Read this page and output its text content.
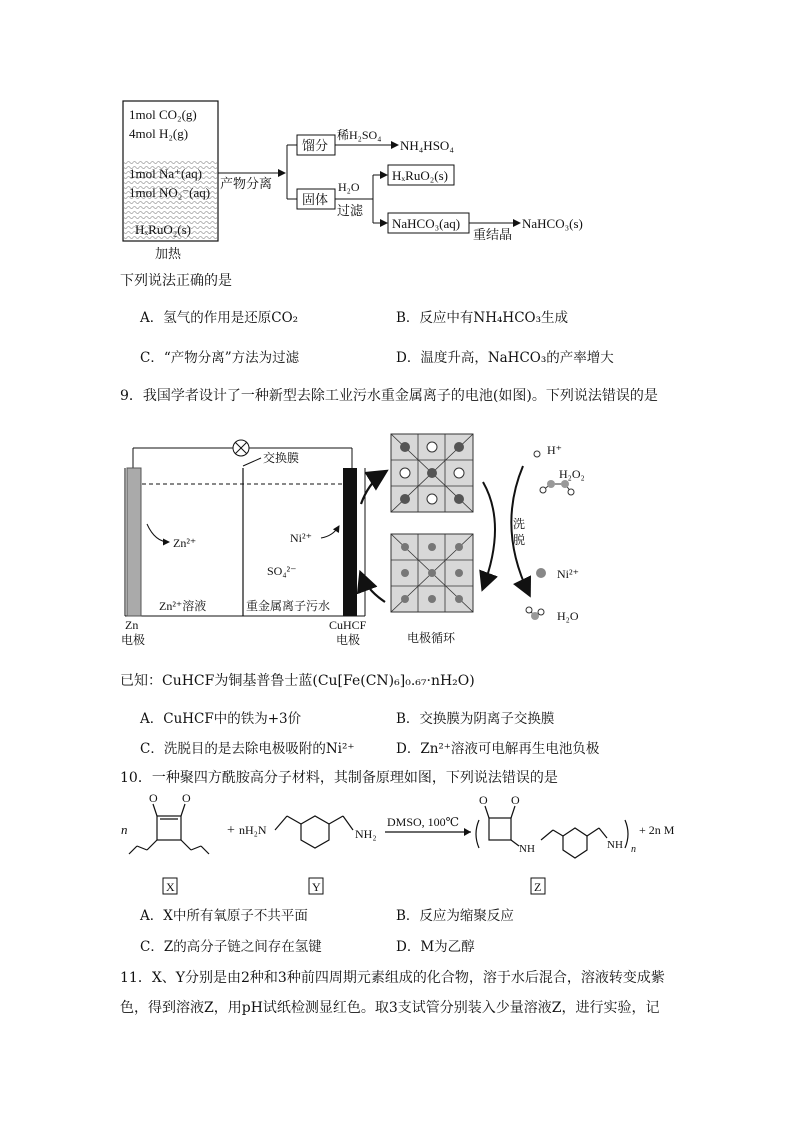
1mol CO₂(g)
4mol H₂(g)
1mol Na⁺(aq)
1mol NO₂⁻(aq)
HₓRuO₂(s)
加热
产物分离
馏分
稀H₂SO₄
NH₄HSO₄
固体
H₂O
过滤
HₓRuO₂(s)
NaHCO₃(aq)
重结晶
NaHCO₃(s)
下列说法正确的是
A．氢气的作用是还原CO₂	B．反应中有NH₄HCO₃生成
C．“产物分离”方法为过滤	D．温度升高，NaHCO₃的产率增大
9．我国学者设计了一种新型去除工业污水重金属离子的电池(如图)。下列说法错误的是
交换膜
Zn²⁺	Ni²⁺
SO₄²⁻
Zn²⁺溶液	重金属离子污水
Zn
电极
CuHCF
电极	电极循环
洗
脱
H⁺
H₂O₂
Ni²⁺
H₂O
已知：CuHCF为铜基普鲁士蓝(Cu[Fe(CN)₆]₀.₆₇·nH₂O)
A．CuHCF中的铁为+3价	B．交换膜为阴离子交换膜
C．洗脱目的是去除电极吸附的Ni²⁺	D．Zn²⁺溶液可电解再生电池负极
10．一种聚四方酰胺高分子材料，其制备原理如图，下列说法错误的是
n
O O
+ nH₂N	NH₂
DMSO, 100℃
O O
NH	NH n
+ 2n M
X	Y	Z
A．X中所有氧原子不共平面	B．反应为缩聚反应
C．Z的高分子链之间存在氢键	D．M为乙醇
11．X、Y分别是由2种和3种前四周期元素组成的化合物，溶于水后混合，溶液转变成紫
色，得到溶液Z，用pH试纸检测显红色。取3支试管分别装入少量溶液Z，进行实验，记
